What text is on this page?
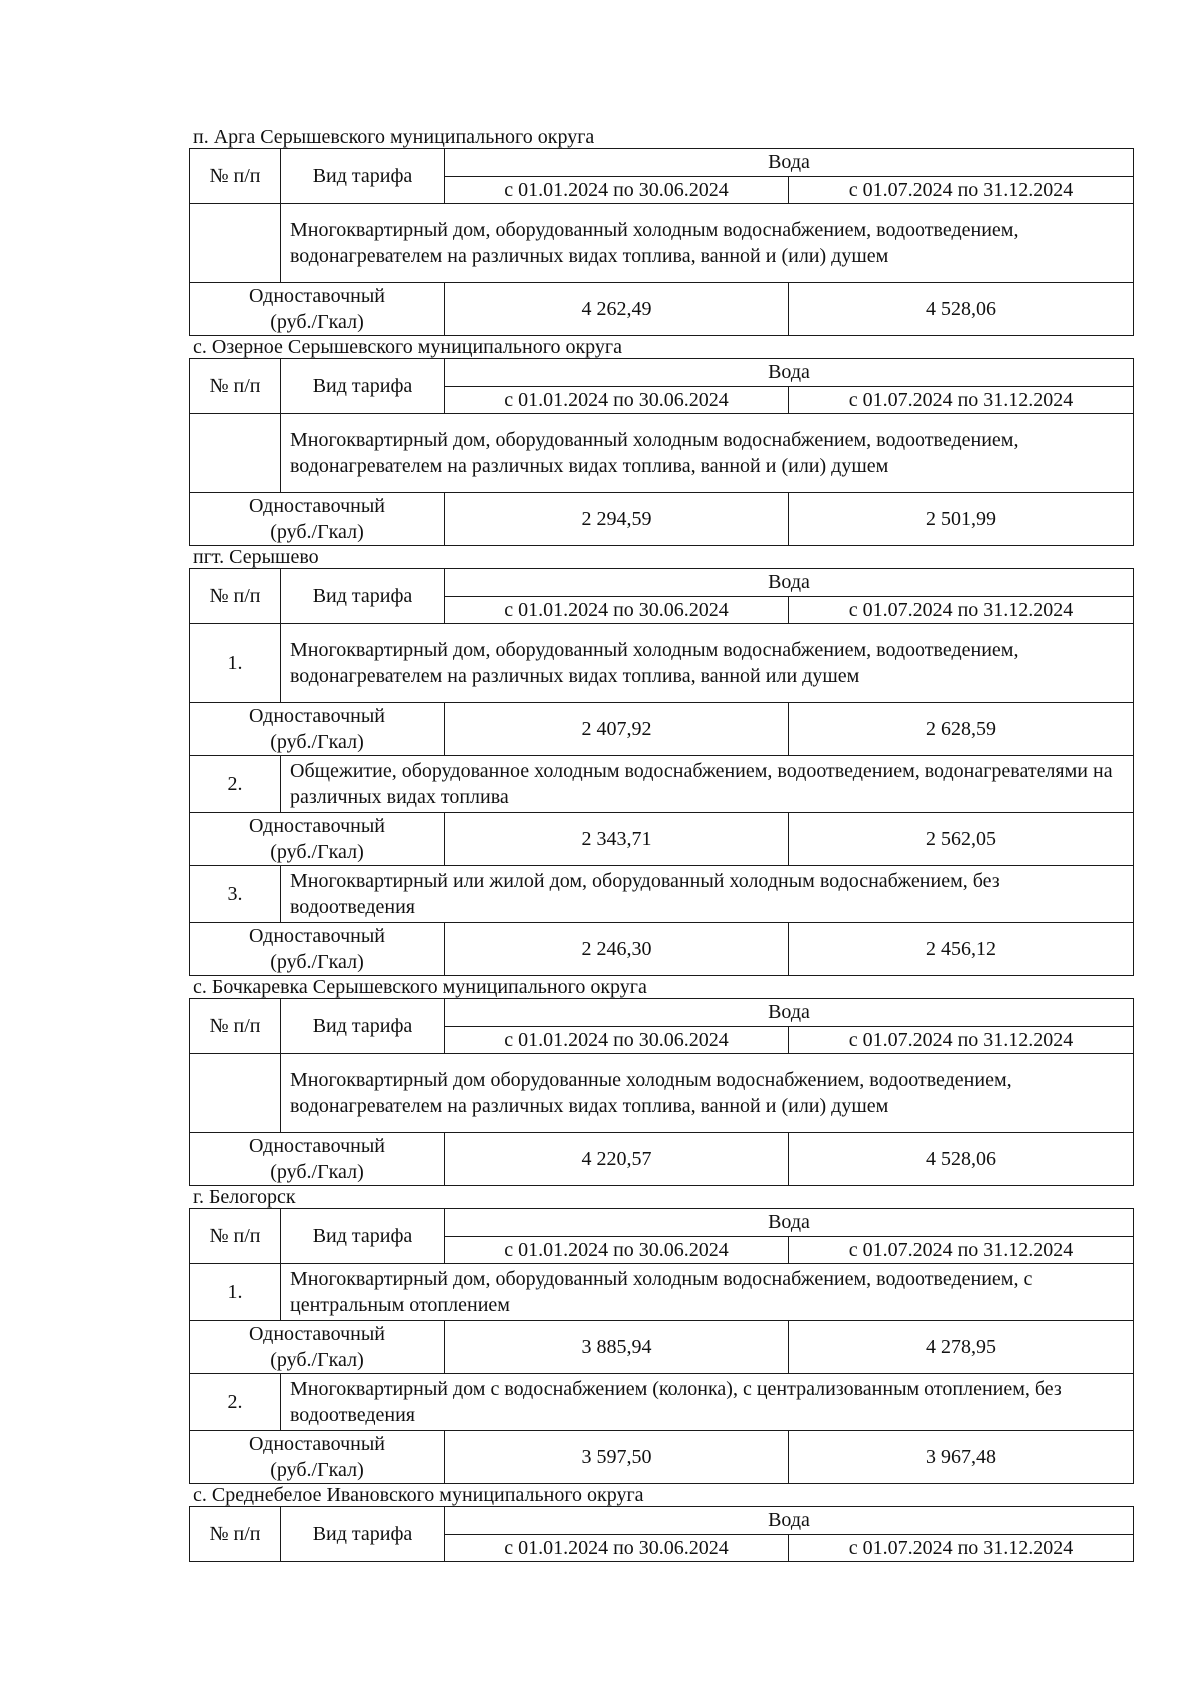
п. Арга Серышевского муниципального округа
№ п/п	Вид тарифа	Вода	
		с 01.01.2024 по 30.06.2024	с 01.07.2024 по 31.12.2024
	Многоквартирный дом, оборудованный холодным водоснабжением, водоотведением, водонагревателем на различных видах топлива, ванной и (или) душем		

Одноставочный
(руб./Гкал)		4 262,49	4 528,06
с. Озерное Серышевского муниципального округа
№ п/п	Вид тарифа	Вода	
		с 01.01.2024 по 30.06.2024	с 01.07.2024 по 31.12.2024
	Многоквартирный дом, оборудованный холодным водоснабжением, водоотведением, водонагревателем на различных видах топлива, ванной и (или) душем		

Одноставочный
(руб./Гкал)		2 294,59	2 501,99
пгт. Серышево
№ п/п	Вид тарифа	Вода	
		с 01.01.2024 по 30.06.2024	с 01.07.2024 по 31.12.2024
1.	Многоквартирный дом, оборудованный холодным водоснабжением, водоотведением, водонагревателем на различных видах топлива, ванной или душем		

Одноставочный
(руб./Гкал)		2 407,92	2 628,59
2.	Общежитие, оборудованное холодным водоснабжением, водоотведением, водонагревателями на различных видах топлива		

Одноставочный
(руб./Гкал)		2 343,71	2 562,05
3.	Многоквартирный или жилой дом, оборудованный холодным водоснабжением, без водоотведения		

Одноставочный
(руб./Гкал)		2 246,30	2 456,12
с. Бочкаревка Серышевского муниципального округа
№ п/п	Вид тарифа	Вода	
		с 01.01.2024 по 30.06.2024	с 01.07.2024 по 31.12.2024
	Многоквартирный дом оборудованные холодным водоснабжением, водоотведением, водонагревателем на различных видах топлива, ванной и (или) душем		

Одноставочный
(руб./Гкал)		4 220,57	4 528,06
г. Белогорск
№ п/п	Вид тарифа	Вода	
		с 01.01.2024 по 30.06.2024	с 01.07.2024 по 31.12.2024
1.	Многоквартирный дом, оборудованный холодным водоснабжением, водоотведением, с центральным отоплением		

Одноставочный
(руб./Гкал)		3 885,94	4 278,95
2.	Многоквартирный дом с водоснабжением (колонка), с централизованным отоплением, без водоотведения		

Одноставочный
(руб./Гкал)		3 597,50	3 967,48
с. Среднебелое Ивановского муниципального округа
№ п/п	Вид тарифа	Вода	
		с 01.01.2024 по 30.06.2024	с 01.07.2024 по 31.12.2024
